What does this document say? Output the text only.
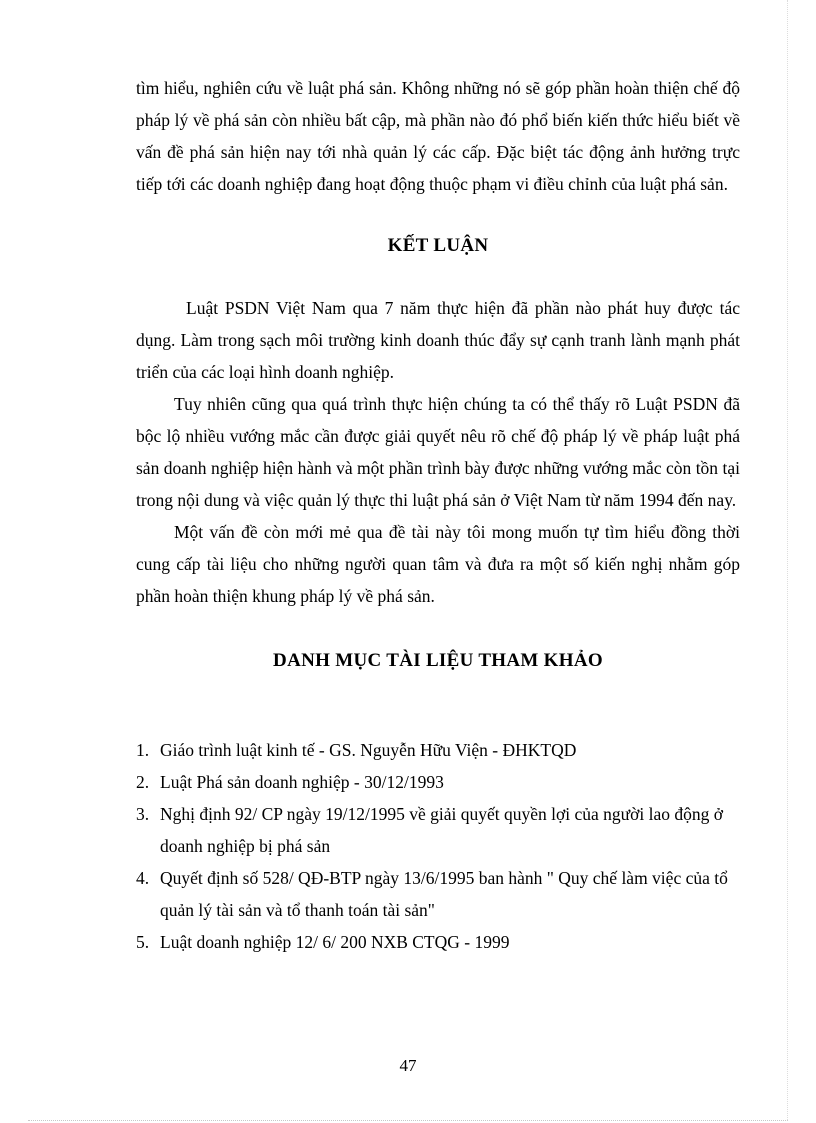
tìm hiểu, nghiên cứu về luật phá sản. Không những nó sẽ góp phần hoàn thiện chế độ pháp lý về phá sản còn nhiều bất cập, mà phần nào đó phổ biến kiến thức hiểu biết về vấn đề phá sản hiện nay tới nhà quản lý các cấp. Đặc biệt tác động ảnh hưởng trực tiếp tới các doanh nghiệp đang hoạt động thuộc phạm vi điều chỉnh của luật phá sản.

KẾT LUẬN

Luật PSDN Việt Nam qua 7 năm thực hiện đã phần nào phát huy được tác dụng. Làm trong sạch môi trường kinh doanh thúc đẩy sự cạnh tranh lành mạnh phát triển của các loại hình doanh nghiệp.

Tuy nhiên cũng qua quá trình thực hiện chúng ta có thể thấy rõ Luật PSDN đã bộc lộ nhiều vướng mắc cần được giải quyết nêu rõ chế độ pháp lý về pháp luật phá sản doanh nghiệp hiện hành và một phần trình bày được những vướng mắc còn tồn tại trong nội dung và việc quản lý thực thi luật phá sản ở Việt Nam từ năm 1994 đến nay.

Một vấn đề còn mới mẻ qua đề tài này tôi mong muốn tự tìm hiểu đồng thời cung cấp tài liệu cho những người quan tâm và đưa ra một số kiến nghị nhằm góp phần hoàn thiện khung pháp lý về phá sản.

DANH MỤC TÀI LIỆU THAM KHẢO
1. Giáo trình luật kinh tế - GS. Nguyễn Hữu Viện - ĐHKTQD
2. Luật Phá sản doanh nghiệp - 30/12/1993
3. Nghị định 92/ CP ngày 19/12/1995 về giải quyết quyền lợi của người lao động ở doanh nghiệp bị phá sản
4. Quyết định số 528/ QĐ-BTP ngày 13/6/1995 ban hành " Quy chế làm việc của tổ quản lý tài sản và tổ thanh toán tài sản"
5. Luật doanh nghiệp 12/ 6/ 200 NXB CTQG - 1999
47
